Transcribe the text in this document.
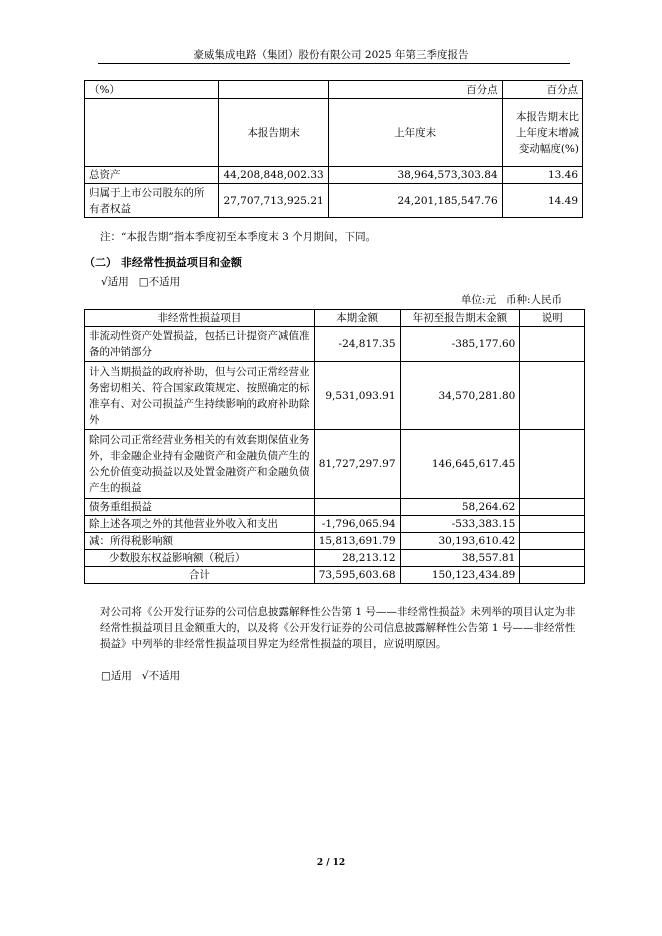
豪威集成电路（集团）股份有限公司 2025 年第三季度报告
（%）		百分点	百分点
	本报告期末	上年度末	本报告期末比上年度末增减变动幅度(%)
总资产	44,208,848,002.33	38,964,573,303.84	13.46
归属于上市公司股东的所有者权益	27,707,713,925.21	24,201,185,547.76	14.49
注：“本报告期”指本季度初至本季度末 3 个月期间，下同。
（二） 非经常性损益项目和金额
√适用 □不适用
单位:元 币种:人民币
非经常性损益项目	本期金额	年初至报告期末金额	说明
非流动性资产处置损益，包括已计提资产减值准备的冲销部分	-24,817.35	-385,177.60	
计入当期损益的政府补助，但与公司正常经营业务密切相关、符合国家政策规定、按照确定的标准享有、对公司损益产生持续影响的政府补助除外	9,531,093.91	34,570,281.80	
除同公司正常经营业务相关的有效套期保值业务外，非金融企业持有金融资产和金融负债产生的公允价值变动损益以及处置金融资产和金融负债产生的损益	81,727,297.97	146,645,617.45	
债务重组损益		58,264.62	
除上述各项之外的其他营业外收入和支出	-1,796,065.94	-533,383.15	
减：所得税影响额	15,813,691.79	30,193,610.42	
少数股东权益影响额（税后）	28,213.12	38,557.81	
合计	73,595,603.68	150,123,434.89	
对公司将《公开发行证券的公司信息披露解释性公告第 1 号——非经常性损益》未列举的项目认定为非经常性损益项目且金额重大的，以及将《公开发行证券的公司信息披露解释性公告第 1 号——非经常性损益》中列举的非经常性损益项目界定为经常性损益的项目，应说明原因。
□适用 √不适用
2 / 12
